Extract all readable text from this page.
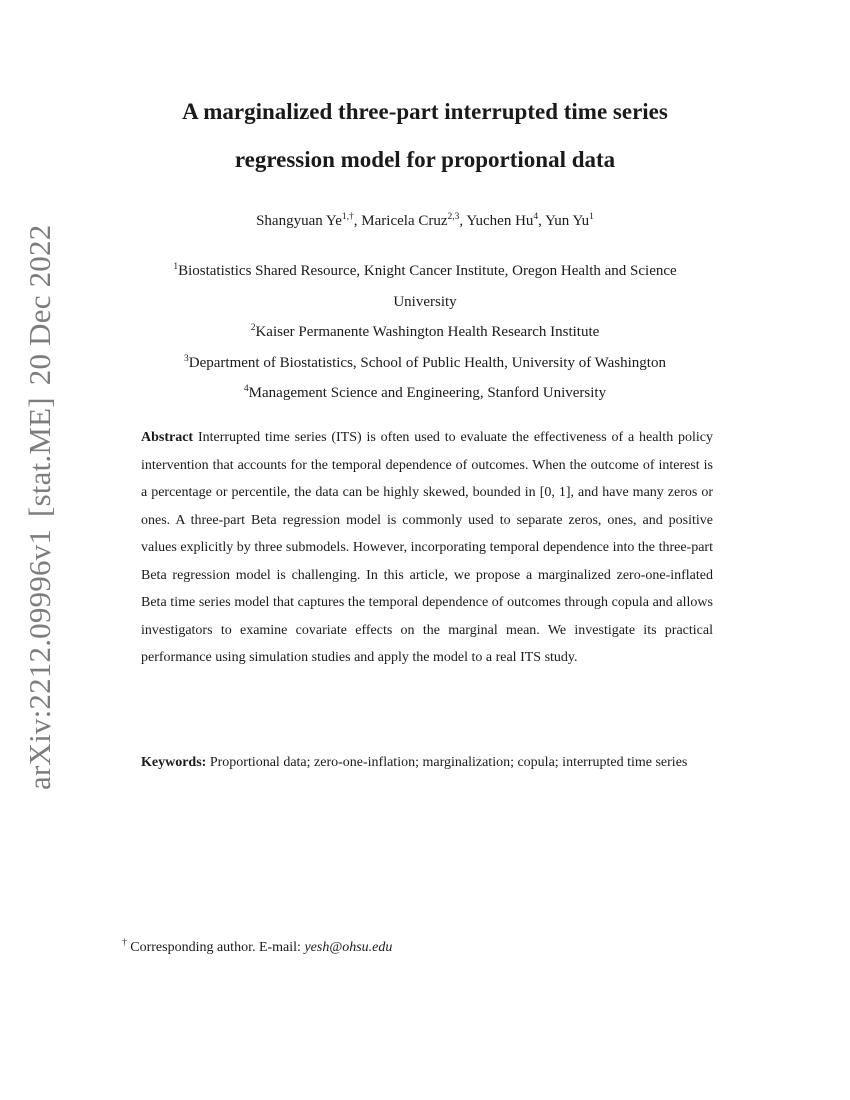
arXiv:2212.09996v1[stat.ME]20 Dec 2022
A marginalized three-part interrupted time series
regression model for proportional data
Shangyuan $Ye^{1,\dagger}$, Maricela Cruz$^{2,3}$, Yuchen Hu$^4$, Yun Yu$^1$
$^1$Biostatistics Shared Resource, Knight Cancer Institute, Oregon Health and Science
University
$^2$Kaiser Permanente Washington Health Research Institute
$^3$Department of Biostatistics, School of Public Health, University of Washington
$^4$Management Science and Engineering, Stanford University
Abstract Interrupted time series (ITS) is often used to evaluate the effectiveness of a health policy intervention that accounts for the temporal dependence of outcomes. When the outcome of interest is a percentage or percentile, the data can be highly skewed, bounded in [0, 1], and have many zeros or ones. A three-part Beta regression model is commonly used to separate zeros, ones, and positive values explicitly by three submodels. However, incorporating temporal dependence into the three-part Beta regression model is challenging. In this article, we propose a marginalized zero-one-inflated Beta time series model that captures the temporal dependence of outcomes through copula and allows investigators to examine covariate effects on the marginal mean. We investigate its practical performance using simulation studies and apply the model to a real ITS study.
Keywords: Proportional data; zero-one-inflation; marginalization; copula; interrupted time series
† Corresponding author. E-mail: yesh@ohsu.edu
